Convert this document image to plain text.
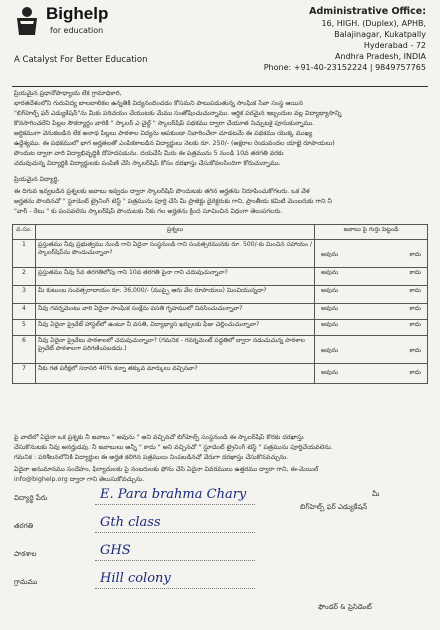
Bighelp
for education
A Catalyst For Better Education
Administrative Office:
16, HIGH. (Duplex), APHB,
Balajinagar, Kukatpally
Hyderabad - 72
Andhra Pradesh, INDIA
Phone: +91-40-23152224 | 9849757765
ప్రియమైన ప్రధానోపాధ్యాయ లేక గ్రామాధికారి,
భారతదేశంలోని గురువిద్య బాలబాలికల ఉన్నతికి విద్యనందించడం కోసమని పాటుపడుతున్న సాంఘిక సేవా సంస్థ ఆయిన
"బిగ్‌హెల్ప్ ఫర్ ఎడ్యుకేషన్"ను మీకు పరిచయం చేయుటకు మేము సంతోషించుచున్నాము. ఆర్థిక పరమైన ఇబ్బందుల వల్ల విద్యాభ్యాసాన్ని
కొనసాగించలేని పిల్లల సౌకర్యార్థం వారికి " స్కాలర్ ఎ చైల్డ్ " స్కాలర్‌షిప్ పథకము ద్వారా చేయూత నిచ్చుటకై పూనుకున్నాము.
అర్థికముగా వెనుకబడిన లేక అనాథ పిల్లలు పాఠశాల విద్యను ఆపకుండా నివారించేలా చూడటమే ఈ పథకము యొక్క ముఖ్య
ఉద్దేశ్యము. ఈ పథకములో భాగ అర్హతలతో ఎంపికకాబడిన విద్యార్థులు నెలకు రూ. 250/- (అక్షరాల రెండువందల యాభై రూపాయలు)
పొందుట ద్వారా వారి విద్యాభివృద్ధికి దోహదపడును. దయచేసి మీరు ఈ పత్రమును 5 నుండి 10వ తరగతి వరకు
చదువుచున్న విద్యార్థికి విద్యార్థులకు పంపిణీ చేసి స్కాలర్‌షిప్ కోసం దరఖాస్తు చేసుకోవలసిందిగా కోరుచున్నాము.
ప్రియమైన విద్యార్థి,
ఈ దిగువ ఇవ్వబడిన ప్రశ్నలకు జవాబు ఇవ్వడం ద్వారా స్కాలర్‌షిప్ పొందుటకు తగిన అర్హతను నిరూపించుకోగలరు. ఒక వేళ
అర్హతను పొందినచో " స్టూడెంట్ ట్రైనింగ్ టెస్ట్ " పత్రమును పూర్తి చేసి మీ ప్రాజెక్టు డైరెక్టరుకు గాని, ప్రాంతీయ కమిటీ మెంబరుకు గాని నీ
"వార్ - రేటు " కు పంపవలెను స్కాలర్‌షిప్ పొందుటకు నీకు గల అర్హతను క్రింద సూచించిన విధంగా తెలుపగలరు.
వ.సం.	ప్రశ్నలు	జవాబు పై గుర్తు పెట్టండి
1	ప్రస్తుతము నీవు ప్రభుత్వము నుండి గాని ఏదైనా సంస్థనుండి గాని సంవత్సరమునకు రూ. 500/-కు మించిన సహాయం / స్కాలర్‌షిప్‌ను పొందుచున్నావా?	అవును కాదు

2	ప్రస్తుతము నీవు 5వ తరగతిలోపు గాని 10వ తరగతి పైనా గాని చదువుచున్నావా?	అవును కాదు

3	మీ కుటుంబ సంవత్సరాదాయం రూ. 36,000/- (ముప్పై ఆరు వేల రూపాయలు) మించియున్నదా?	అవును కాదు

4	నీవు గవర్నమెంటు వారి ఏదైనా సాంఘిక సంక్షేమ వసతి గృహములో నివసించుచున్నావా?	అవును కాదు

5	నీవు ఏదైనా ప్రైవేట్ హాస్టల్‌లో ఉంటూ నీ వసతి, విద్యాభ్యాస ఖర్చులకు ఫీజు చెల్లించుచున్నావా?	అవును కాదు

6	నీవు ఏదైనా ప్రైవేటు పాఠశాలలో చదువుచున్నావా? (గమనిక - గవర్నమెంట్ పద్ధతిలో ద్వారా నడుచుచున్న పాఠశాల ప్రైవేట్ పాఠశాలగా పరిగణింపబడదు.)	అవును కాదు

7	నీకు గత పరీక్షలో సరాసరి 40% కన్నా తక్కువ మార్కులు వచ్చినవా?	అవును కాదు
పై వాటిలో ఏదైనా ఒక ప్రశ్నకు నీ జవాబు " అవును " అని వచ్చినచో బిగ్‌హెల్ప్ సంస్థనుండి ఈ స్కాలర్‌షిప్ కొరకు దరఖాస్తు
చేసుకొనుటకు నీవు అనర్హుడవు. నీ జవాబులు అన్నీ " కాదు " అని వచ్చినచో " స్టూడెంట్ ట్రైనింగ్ టెస్ట్ " పత్రమును పూర్తిచేయవలెను.
గమనిక : పరిశీలనలోనికి విద్యార్థుల ఈ అర్హత కలిగిన పత్రములు నింపబడినచో వేరుగా దరఖాస్తు చేసుకొనవచ్చును.
ఏదైనా అనుమానము సందేహం, ఫిర్యాదులకు పై నంబరులకు ఫోను చేసి ఏదైనా వివరములు ఉత్తరము ద్వారా గాని, ఈ-మెయిల్
info@bighelp.org ద్వారా గాని తెలుసుకోవచ్చును.
విద్యార్థి పేరు	E. Para brahma Chary
తరగతి	Gth class
పాఠశాల	GHS
గ్రామము	Hill colony
మీ
బిగ్‌హెల్ప్ ఫర్ ఎడ్యుకేషన్
ఫౌండర్ & ప్రెసిడెంట్
